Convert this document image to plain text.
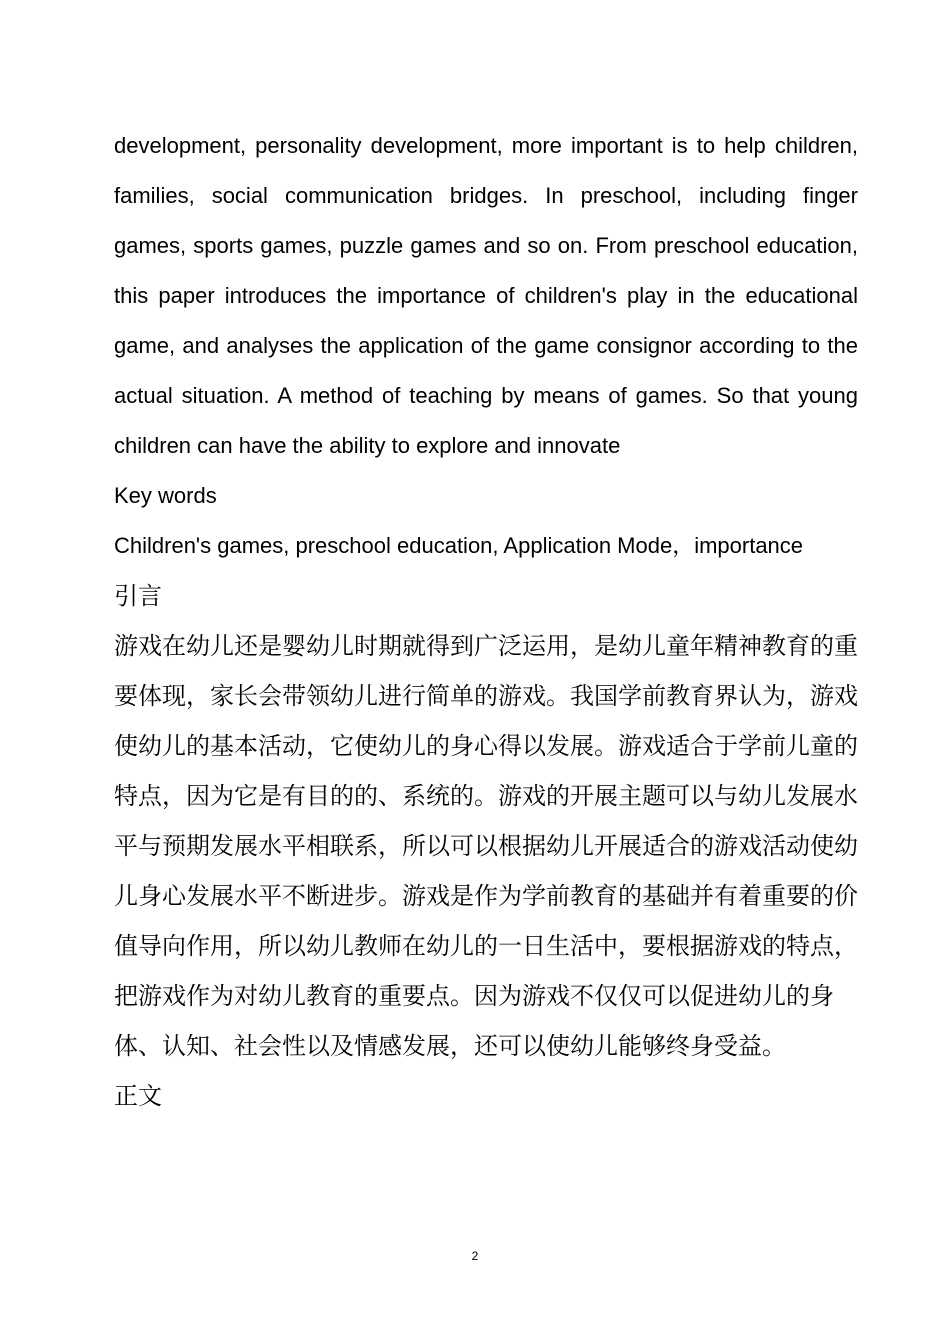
development, personality development, more important is to help children, families, social communication bridges. In preschool, including finger games, sports games, puzzle games and so on. From preschool education, this paper introduces the importance of children's play in the educational game, and analyses the application of the game consignor according to the actual situation. A method of teaching by means of games. So that young children can have the ability to explore and innovate

Key words

Children's games, preschool education, Application Mode，importance

引言

游戏在幼儿还是婴幼儿时期就得到广泛运用，是幼儿童年精神教育的重要体现，家长会带领幼儿进行简单的游戏。我国学前教育界认为，游戏使幼儿的基本活动，它使幼儿的身心得以发展。游戏适合于学前儿童的特点，因为它是有目的的、系统的。游戏的开展主题可以与幼儿发展水平与预期发展水平相联系，所以可以根据幼儿开展适合的游戏活动使幼儿身心发展水平不断进步。游戏是作为学前教育的基础并有着重要的价值导向作用，所以幼儿教师在幼儿的一日生活中，要根据游戏的特点，把游戏作为对幼儿教育的重要点。因为游戏不仅仅可以促进幼儿的身体、认知、社会性以及情感发展，还可以使幼儿能够终身受益。

正文

2
